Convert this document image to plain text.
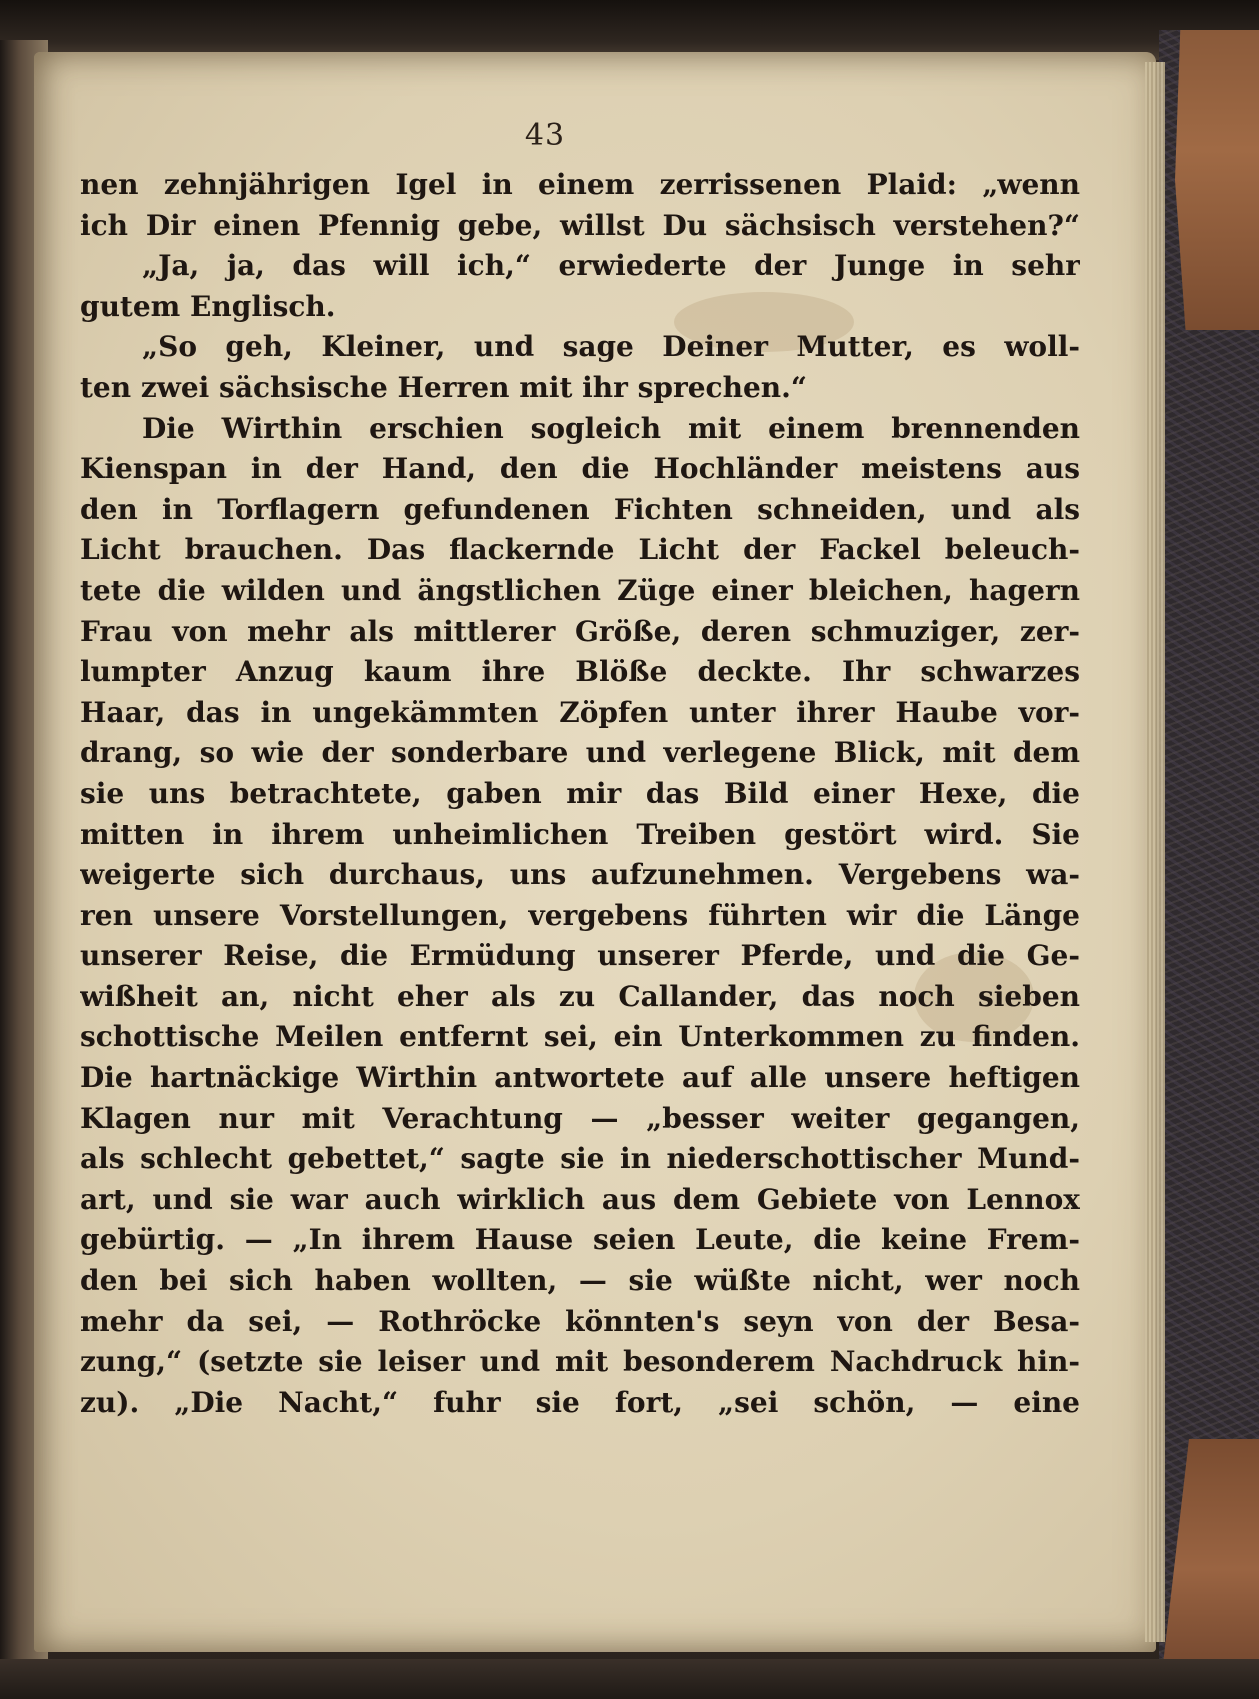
43
nen zehnjährigen Igel in einem zerrissenen Plaid: „wenn
ich Dir einen Pfennig gebe, willst Du sächsisch verstehen?“
„Ja, ja, das will ich,“ erwiederte der Junge in sehr
gutem Englisch.
„So geh, Kleiner, und sage Deiner Mutter, es woll-
ten zwei sächsische Herren mit ihr sprechen.“
Die Wirthin erschien sogleich mit einem brennenden
Kienspan in der Hand, den die Hochländer meistens aus
den in Torflagern gefundenen Fichten schneiden, und als
Licht brauchen. Das flackernde Licht der Fackel beleuch-
tete die wilden und ängstlichen Züge einer bleichen, hagern
Frau von mehr als mittlerer Größe, deren schmuziger, zer-
lumpter Anzug kaum ihre Blöße deckte. Ihr schwarzes
Haar, das in ungekämmten Zöpfen unter ihrer Haube vor-
drang, so wie der sonderbare und verlegene Blick, mit dem
sie uns betrachtete, gaben mir das Bild einer Hexe, die
mitten in ihrem unheimlichen Treiben gestört wird. Sie
weigerte sich durchaus, uns aufzunehmen. Vergebens wa-
ren unsere Vorstellungen, vergebens führten wir die Länge
unserer Reise, die Ermüdung unserer Pferde, und die Ge-
wißheit an, nicht eher als zu Callander, das noch sieben
schottische Meilen entfernt sei, ein Unterkommen zu finden.
Die hartnäckige Wirthin antwortete auf alle unsere heftigen
Klagen nur mit Verachtung — „besser weiter gegangen,
als schlecht gebettet,“ sagte sie in niederschottischer Mund-
art, und sie war auch wirklich aus dem Gebiete von Lennox
gebürtig. — „In ihrem Hause seien Leute, die keine Frem-
den bei sich haben wollten, — sie wüßte nicht, wer noch
mehr da sei, — Rothröcke könnten's seyn von der Besa-
zung,“ (setzte sie leiser und mit besonderem Nachdruck hin-
zu). „Die Nacht,“ fuhr sie fort, „sei schön, — eine
